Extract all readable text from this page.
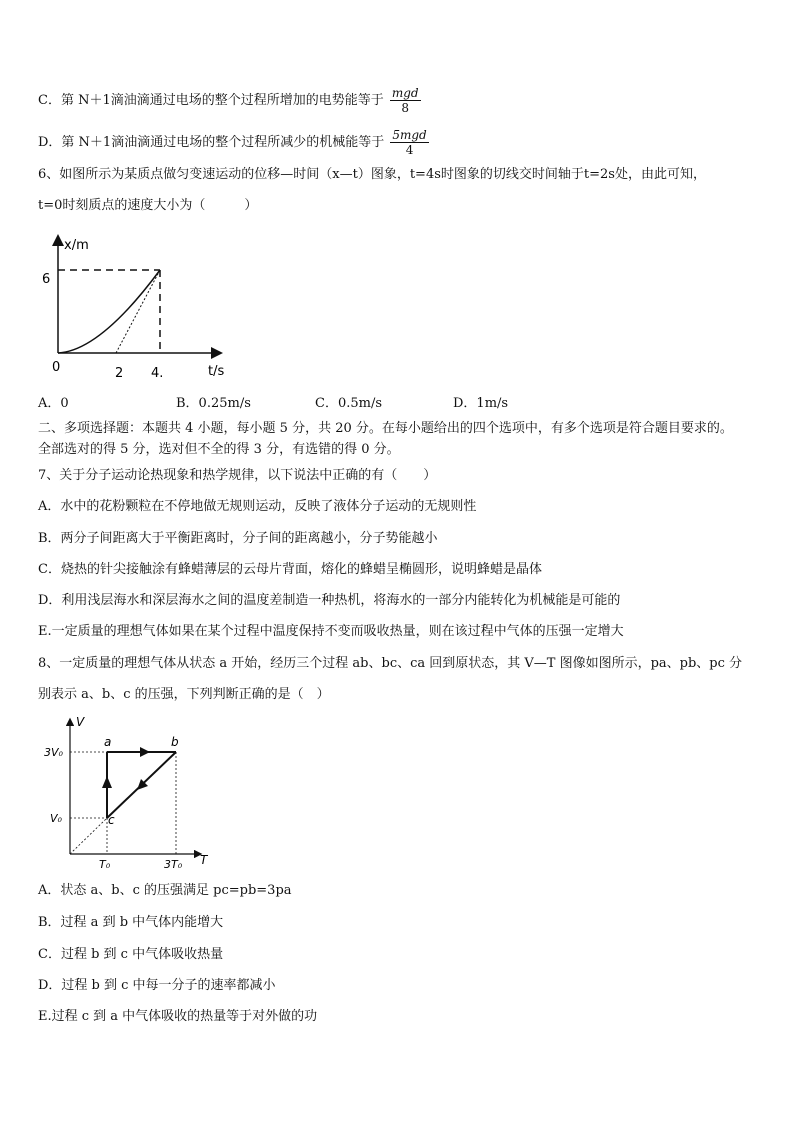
C．第 N＋1滴油滴通过电场的整个过程所增加的电势能等于 $\frac{\text{mgd}}{8}$
D．第 N＋1滴油滴通过电场的整个过程所减少的机械能等于 $\frac{\text{5mgd}}{4}$
6、如图所示为某质点做匀变速运动的位移—时间（x—t）图象，t=4s时图象的切线交时间轴于t=2s处，由此可知，
t=0时刻质点的速度大小为（　　　）
x/m
6
0	2 4.	t/s
A．0	B．0.25m/s	C．0.5m/s	D．1m/s
二、多项选择题：本题共 4 小题，每小题 5 分，共 20 分。在每小题给出的四个选项中，有多个选项是符合题目要求的。
全部选对的得 5 分，选对但不全的得 3 分，有选错的得 0 分。
7、关于分子运动论热现象和热学规律，以下说法中正确的有（　　）
A．水中的花粉颗粒在不停地做无规则运动，反映了液体分子运动的无规则性
B．两分子间距离大于平衡距离时，分子间的距离越小，分子势能越小
C．烧热的针尖接触涂有蜂蜡薄层的云母片背面，熔化的蜂蜡呈椭圆形，说明蜂蜡是晶体
D．利用浅层海水和深层海水之间的温度差制造一种热机，将海水的一部分内能转化为机械能是可能的
E.一定质量的理想气体如果在某个过程中温度保持不变而吸收热量，则在该过程中气体的压强一定增大
8、一定质量的理想气体从状态 a 开始，经历三个过程 ab、bc、ca 回到原状态，其 V—T 图像如图所示，pa、pb、pc 分
别表示 a、b、c 的压强，下列判断正确的是（　）
V
T
3V₀
V₀
T₀	3T₀
a	b
c
A．状态 a、b、c 的压强满足 pc=pb=3pa
B．过程 a 到 b 中气体内能增大
C．过程 b 到 c 中气体吸收热量
D．过程 b 到 c 中每一分子的速率都减小
E.过程 c 到 a 中气体吸收的热量等于对外做的功
